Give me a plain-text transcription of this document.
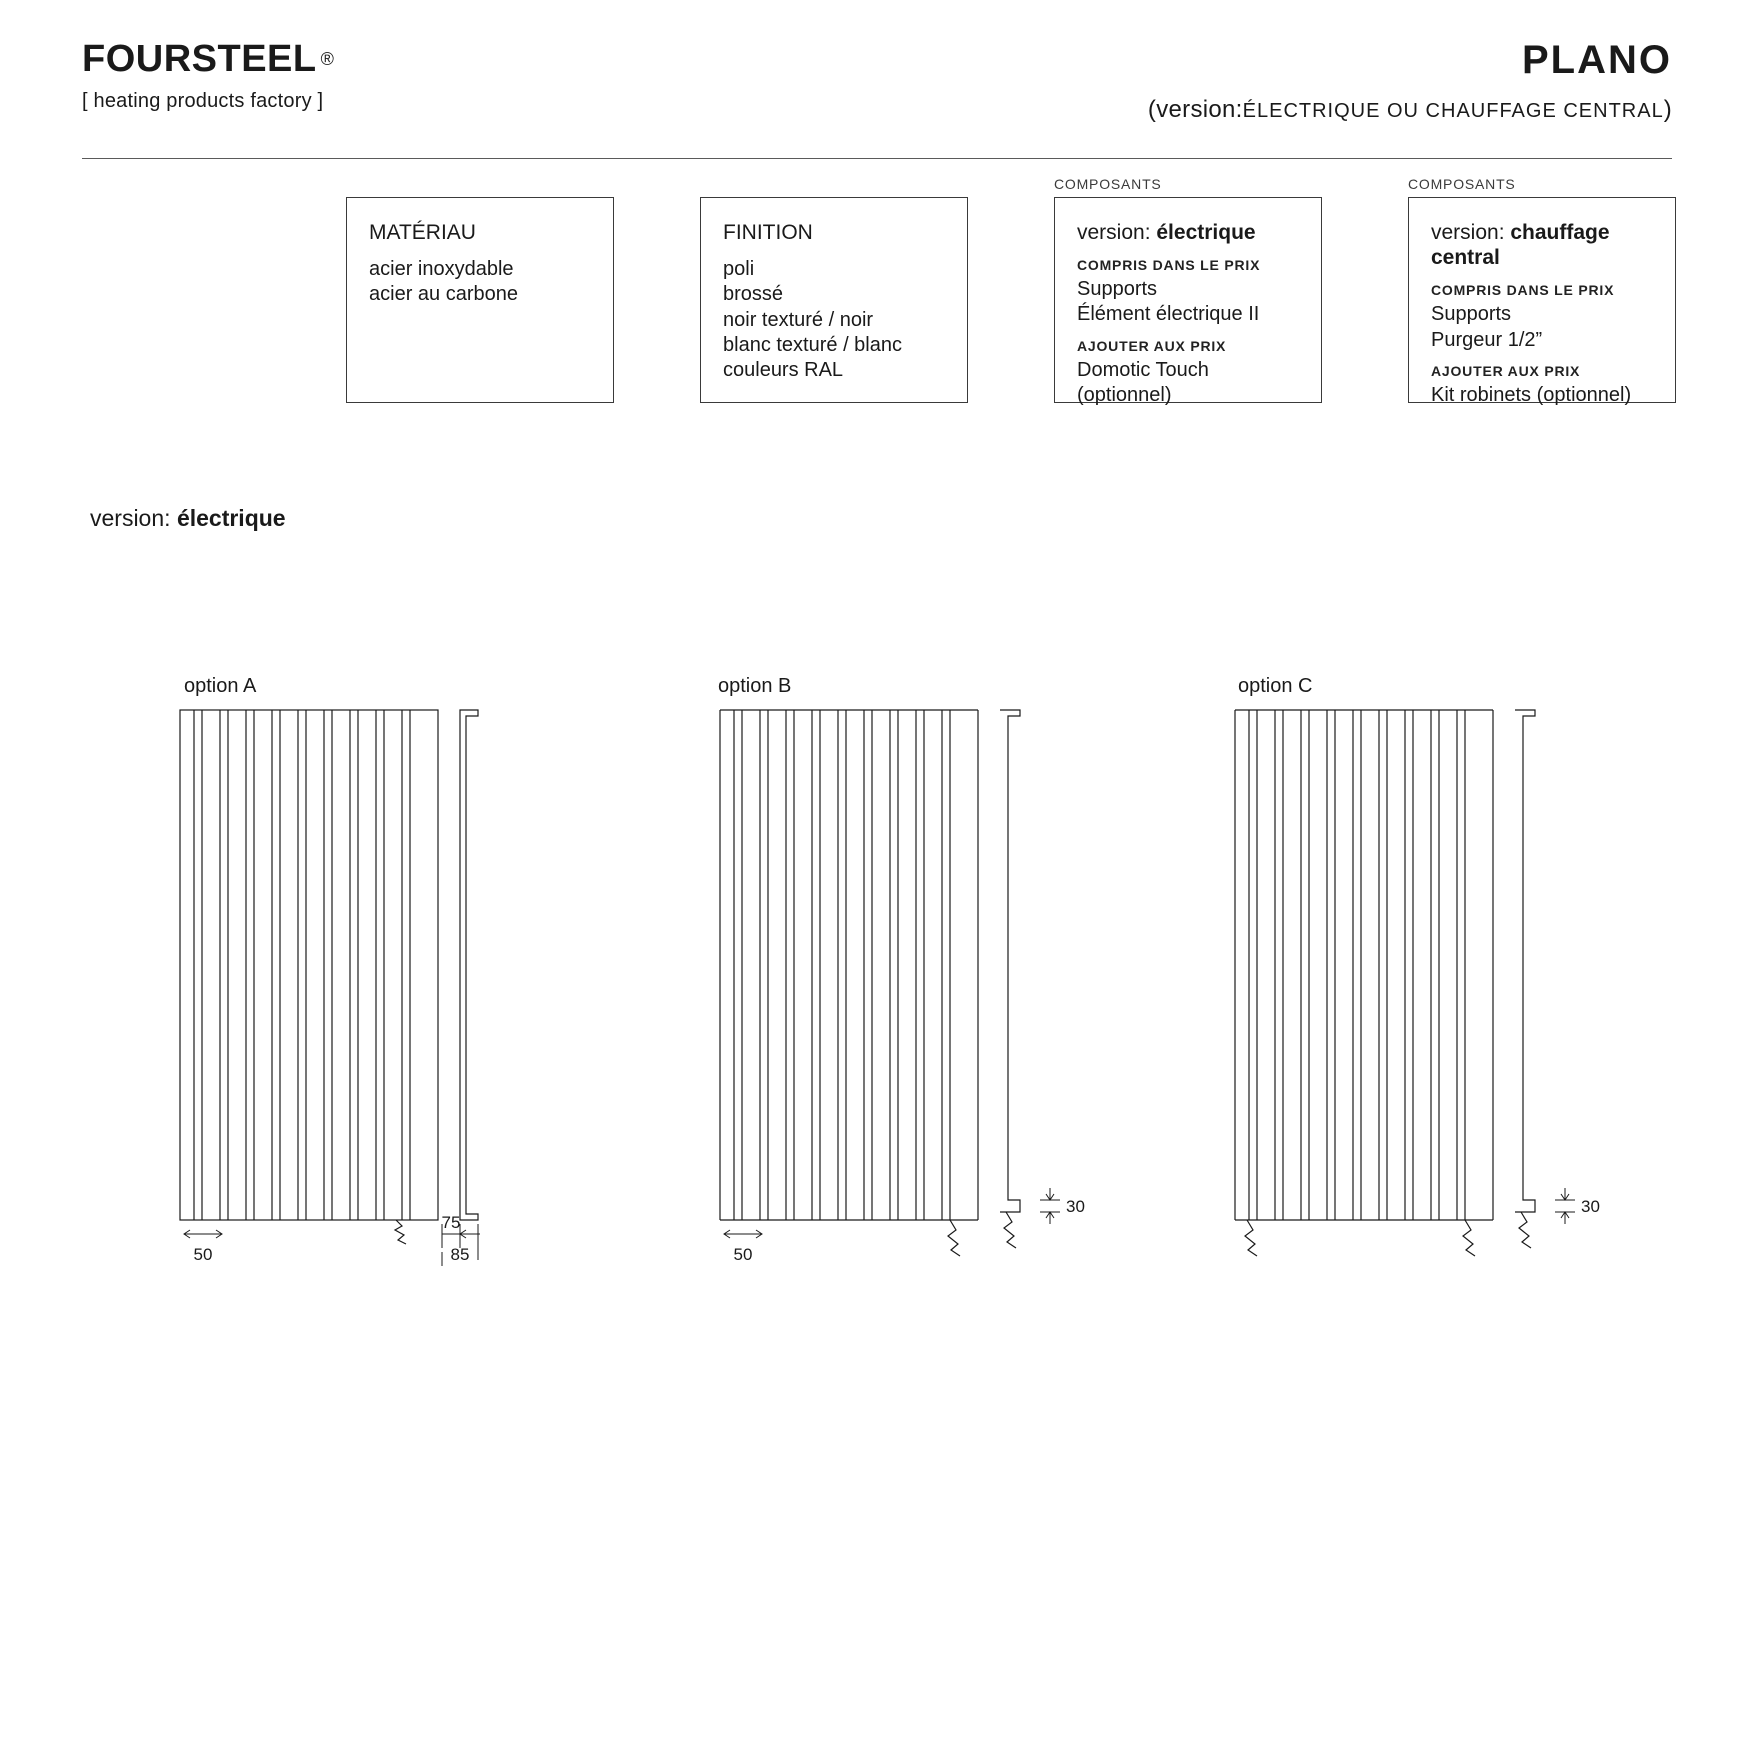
FOURSTEEL ®
[ heating products factory ]
PLANO
(version:ÉLECTRIQUE OU CHAUFFAGE CENTRAL)
MATÉRIAU
acier inoxydable
acier au carbone
FINITION
poli
brossé
noir texturé / noir
blanc texturé / blanc
couleurs RAL
COMPOSANTS
version: électrique
COMPRIS DANS LE PRIX
Supports
Élément électrique II
AJOUTER AUX PRIX
Domotic Touch (optionnel)
COMPOSANTS
version: chauffage central
COMPRIS DANS LE PRIX
Supports
Purgeur 1/2”
AJOUTER AUX PRIX
Kit robinets (optionnel)
version: électrique
option A	option B	option C
50
75
85	50
30	30
